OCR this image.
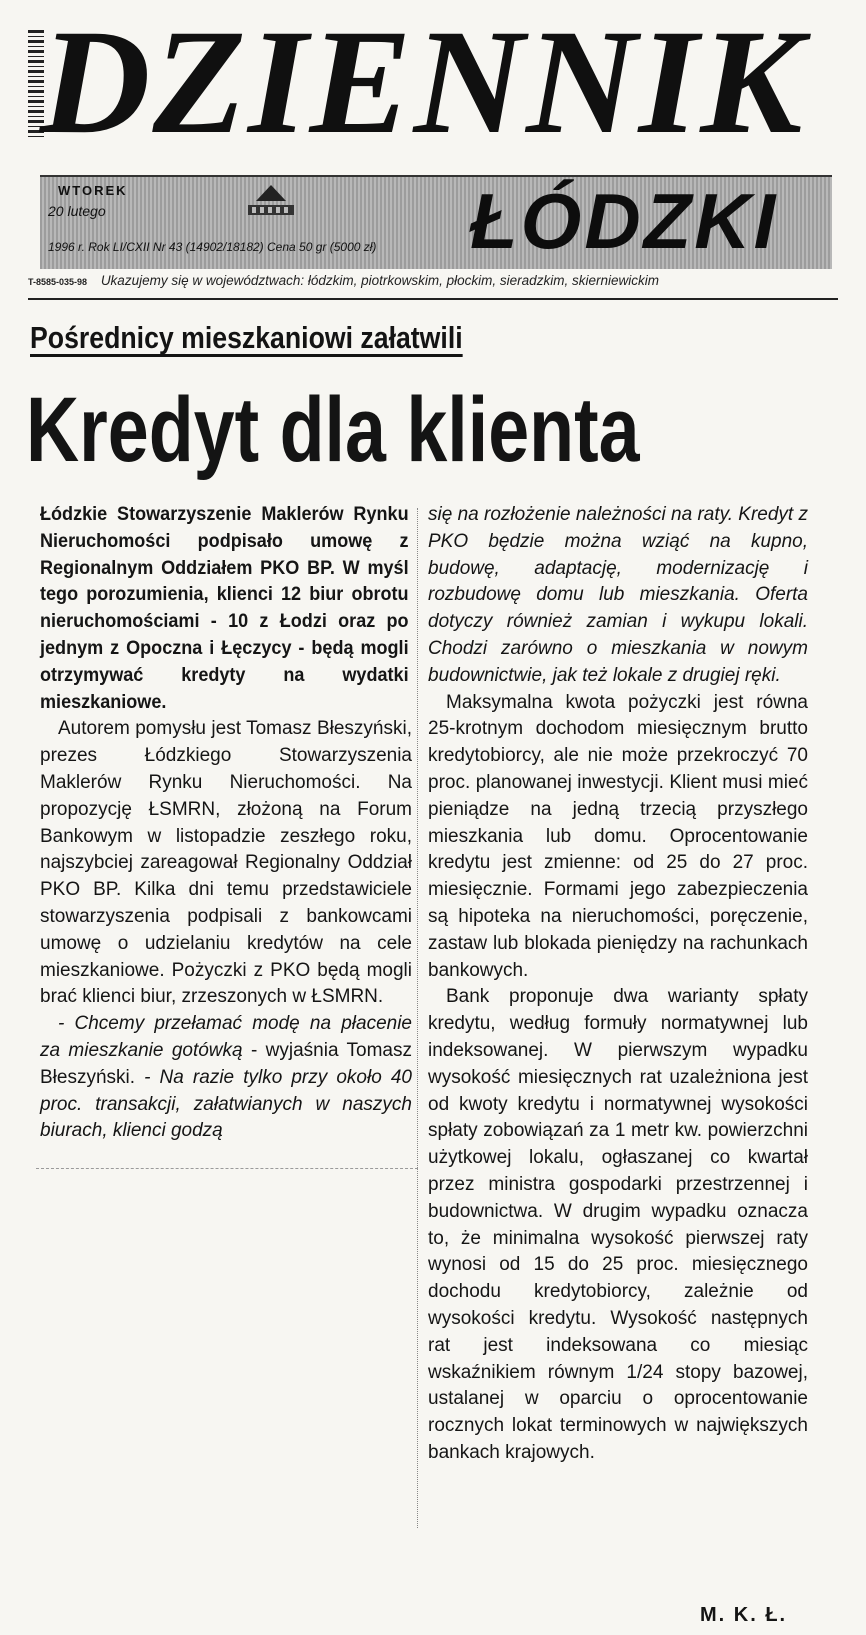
DZIENNIK
WTOREK
20 lutego
1996 r. Rok LI/CXII Nr 43 (14902/18182) Cena 50 gr (5000 zł) ŁÓDZKI
T-8585-035-98 Ukazujemy się w województwach: łódzkim, piotrkowskim, płockim, sieradzkim, skierniewickim
Pośrednicy mieszkaniowi załatwili
Kredyt dla klienta

Łódzkie Stowarzyszenie Maklerów Rynku Nieruchomości podpisało umowę z Regionalnym Oddziałem PKO BP. W myśl tego porozumienia, klienci 12 biur obrotu nieruchomościami - 10 z Łodzi oraz po jednym z Opoczna i Łęczycy - będą mogli otrzymywać kredyty na wydatki mieszkaniowe.

Autorem pomysłu jest Tomasz Błeszyński, prezes Łódzkiego Stowarzyszenia Maklerów Rynku Nieruchomości. Na propozycję ŁSMRN, złożoną na Forum Bankowym w listopadzie zeszłego roku, najszybciej zareagował Regionalny Oddział PKO BP. Kilka dni temu przedstawiciele stowarzyszenia podpisali z bankowcami umowę o udzielaniu kredytów na cele mieszkaniowe. Pożyczki z PKO będą mogli brać klienci biur, zrzeszonych w ŁSMRN.

- Chcemy przełamać modę na płacenie za mieszkanie gotówką - wyjaśnia Tomasz Błeszyński. - Na razie tylko przy około 40 proc. transakcji, załatwianych w naszych biurach, klienci godzą

się na rozłożenie należności na raty. Kredyt z PKO będzie można wziąć na kupno, budowę, adaptację, modernizację i rozbudowę domu lub mieszkania. Oferta dotyczy również zamian i wykupu lokali. Chodzi zarówno o mieszkania w nowym budownictwie, jak też lokale z drugiej ręki.

Maksymalna kwota pożyczki jest równa 25-krotnym dochodom miesięcznym brutto kredytobiorcy, ale nie może przekroczyć 70 proc. planowanej inwestycji. Klient musi mieć pieniądze na jedną trzecią przyszłego mieszkania lub domu. Oprocentowanie kredytu jest zmienne: od 25 do 27 proc. miesięcznie. Formami jego zabezpieczenia są hipoteka na nieruchomości, poręczenie, zastaw lub blokada pieniędzy na rachunkach bankowych.

Bank proponuje dwa warianty spłaty kredytu, według formuły normatywnej lub indeksowanej. W pierwszym wypadku wysokość miesięcznych rat uzależniona jest od kwoty kredytu i normatywnej wysokości spłaty zobowiązań za 1 metr kw. powierzchni użytkowej lokalu, ogłaszanej co kwartał przez ministra gospodarki przestrzennej i budownictwa. W drugim wypadku oznacza to, że minimalna wysokość pierwszej raty wynosi od 15 do 25 proc. miesięcznego dochodu kredytobiorcy, zależnie od wysokości kredytu. Wysokość następnych rat jest indeksowana co miesiąc wskaźnikiem równym 1/24 stopy bazowej, ustalanej w oparciu o oprocentowanie rocznych lokat terminowych w największych bankach krajowych.

M. K. Ł.
